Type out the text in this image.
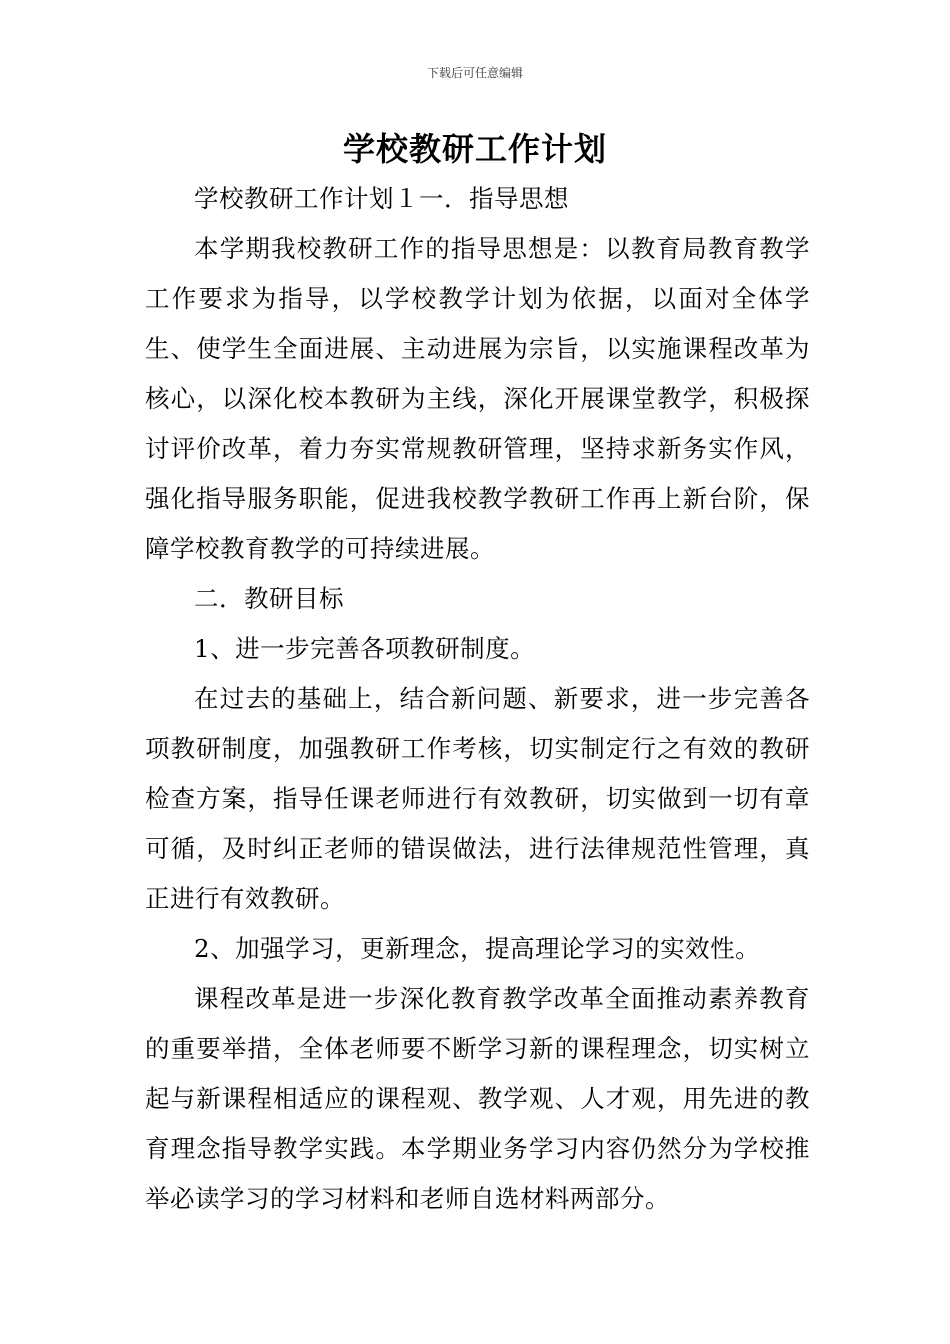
下载后可任意编辑
学校教研工作计划

学校教研工作计划１一．指导思想

本学期我校教研工作的指导思想是：以教育局教育教学工作要求为指导，以学校教学计划为依据，以面对全体学生、使学生全面进展、主动进展为宗旨，以实施课程改革为核心，以深化校本教研为主线，深化开展课堂教学，积极探讨评价改革，着力夯实常规教研管理，坚持求新务实作风，强化指导服务职能，促进我校教学教研工作再上新台阶，保障学校教育教学的可持续进展。

二．教研目标

1、进一步完善各项教研制度。

在过去的基础上，结合新问题、新要求，进一步完善各项教研制度，加强教研工作考核，切实制定行之有效的教研检查方案，指导任课老师进行有效教研，切实做到一切有章可循，及时纠正老师的错误做法，进行法律规范性管理，真正进行有效教研。

2、加强学习，更新理念，提高理论学习的实效性。

课程改革是进一步深化教育教学改革全面推动素养教育的重要举措，全体老师要不断学习新的课程理念，切实树立起与新课程相适应的课程观、教学观、人才观，用先进的教育理念指导教学实践。本学期业务学习内容仍然分为学校推举必读学习的学习材料和老师自选材料两部分。
